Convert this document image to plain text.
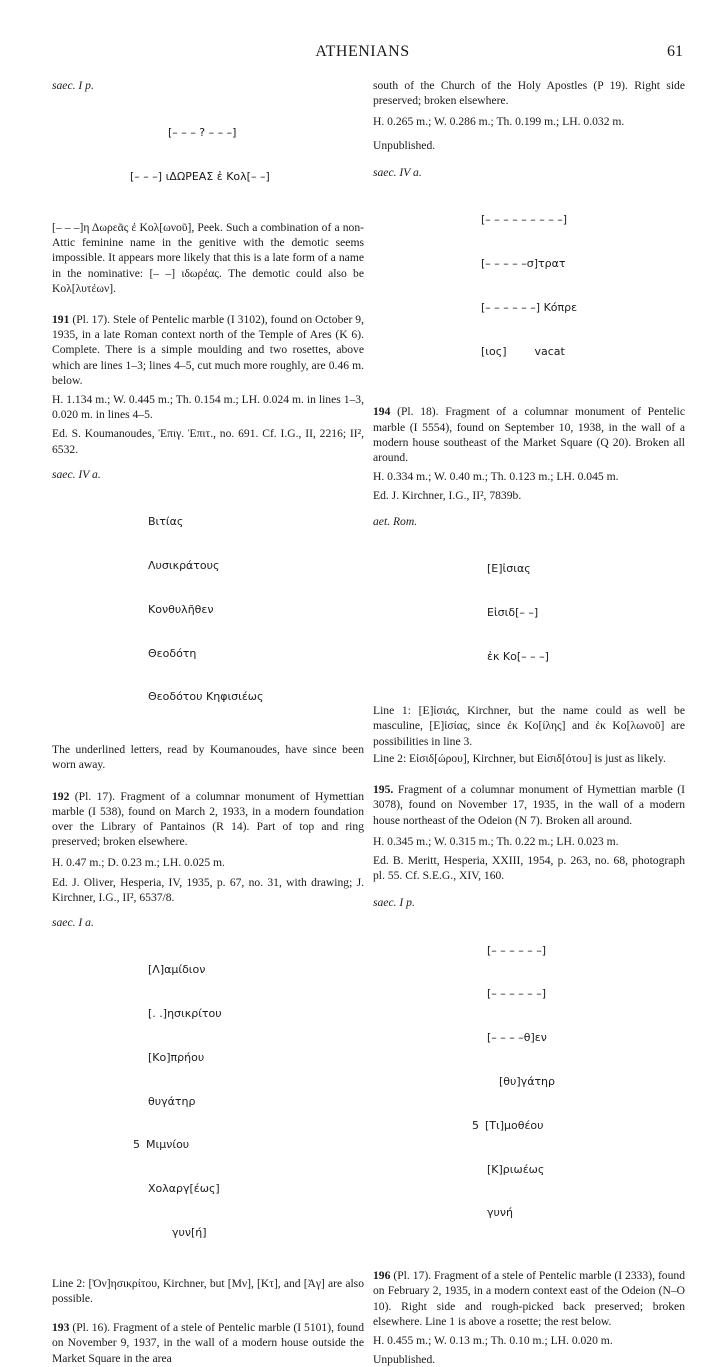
ATHENIANS	61
saec. I p.

[– – – ? – – –]

[– – –] ιΔΩΡΕΑΣ ἐ Κολ[– –]

[– – –]η Δωρεᾶς ἐ Κολ[ωνοῦ], Peek. Such a combination of a non-Attic feminine name in the genitive with the demotic seems impossible. It appears more likely that this is a late form of a name in the nominative: [– –] ιδωρέας. The demotic could also be Κολ[λυτέων].

191 (Pl. 17). Stele of Pentelic marble (I 3102), found on October 9, 1935, in a late Roman context north of the Temple of Ares (K 6). Complete. There is a simple moulding and two rosettes, above which are lines 1–3; lines 4–5, cut much more roughly, are 0.46 m. below.

H. 1.134 m.; W. 0.445 m.; Th. 0.154 m.; LH. 0.024 m. in lines 1–3, 0.020 m. in lines 4–5.

Ed. S. Koumanoudes, Ἐπιγ. Ἐπιτ., no. 691. Cf. I.G., II, 2216; II², 6532.

saec. IV a.

Βιτίας

Λυσικράτους

Κονθυλῆθεν

Θεοδότη

Θεοδότου Κηφισιέως

The underlined letters, read by Koumanoudes, have since been worn away.

192 (Pl. 17). Fragment of a columnar monument of Hymettian marble (I 538), found on March 2, 1933, in a modern foundation over the Library of Pantainos (R 14). Part of top and ring preserved; broken elsewhere.

H. 0.47 m.; D. 0.23 m.; LH. 0.025 m.

Ed. J. Oliver, Hesperia, IV, 1935, p. 67, no. 31, with drawing; J. Kirchner, I.G., II², 6537/8.

saec. I a.

[Λ]αμίδιον

[. .]ησικρίτου

[Κο]πρήου

θυγάτηρ

5 Μιμνίου

Χολαργ[έως]

γυν[ή]

Line 2: [Ὀν]ησικρίτου, Kirchner, but [Μν], [Κτ], and [Ἀγ] are also possible.

193 (Pl. 16). Fragment of a stele of Pentelic marble (I 5101), found on November 9, 1937, in the wall of a modern house outside the Market Square in the area

south of the Church of the Holy Apostles (P 19). Right side preserved; broken elsewhere.

H. 0.265 m.; W. 0.286 m.; Th. 0.199 m.; LH. 0.032 m.

Unpublished.

saec. IV a.

[– – – – – – – – –]

[– – – – –σ]τρατ

[– – – – – –] Κόπρε

[ιος]        vacat

194 (Pl. 18). Fragment of a columnar monument of Pentelic marble (I 5554), found on September 10, 1938, in the wall of a modern house southeast of the Market Square (Q 20). Broken all around.

H. 0.334 m.; W. 0.40 m.; Th. 0.123 m.; LH. 0.045 m.

Ed. J. Kirchner, I.G., II², 7839b.

aet. Rom.

[Ε]ἰσιας

Εἰσιδ[– –]

ἐκ Κο[– – –]

Line 1: [Ε]ἰσιάς, Kirchner, but the name could as well be masculine, [Ε]ἰσίας, since ἐκ Κο[ίλης] and ἐκ Κο[λωνοῦ] are possibilities in line 3.

Line 2: Εἰσιδ[ώρου], Kirchner, but Εἰσιδ[ότου] is just as likely.

195. Fragment of a columnar monument of Hymettian marble (I 3078), found on November 17, 1935, in the wall of a modern house northeast of the Odeion (N 7). Broken all around.

H. 0.345 m.; W. 0.315 m.; Th. 0.22 m.; LH. 0.023 m.

Ed. B. Meritt, Hesperia, XXIII, 1954, p. 263, no. 68, photograph pl. 55. Cf. S.E.G., XIV, 160.

saec. I p.

[– – – – – –]

[– – – – – –]

[– – – –θ]εν

[θυ]γάτηρ

5 [Τι]μοθέου

[Κ]ριωέως

γυνή

196 (Pl. 17). Fragment of a stele of Pentelic marble (I 2333), found on February 2, 1935, in a modern context east of the Odeion (N–O 10). Right side and rough-picked back preserved; broken elsewhere. Line 1 is above a rosette; the rest below.

H. 0.455 m.; W. 0.13 m.; Th. 0.10 m.; LH. 0.020 m.

Unpublished.
